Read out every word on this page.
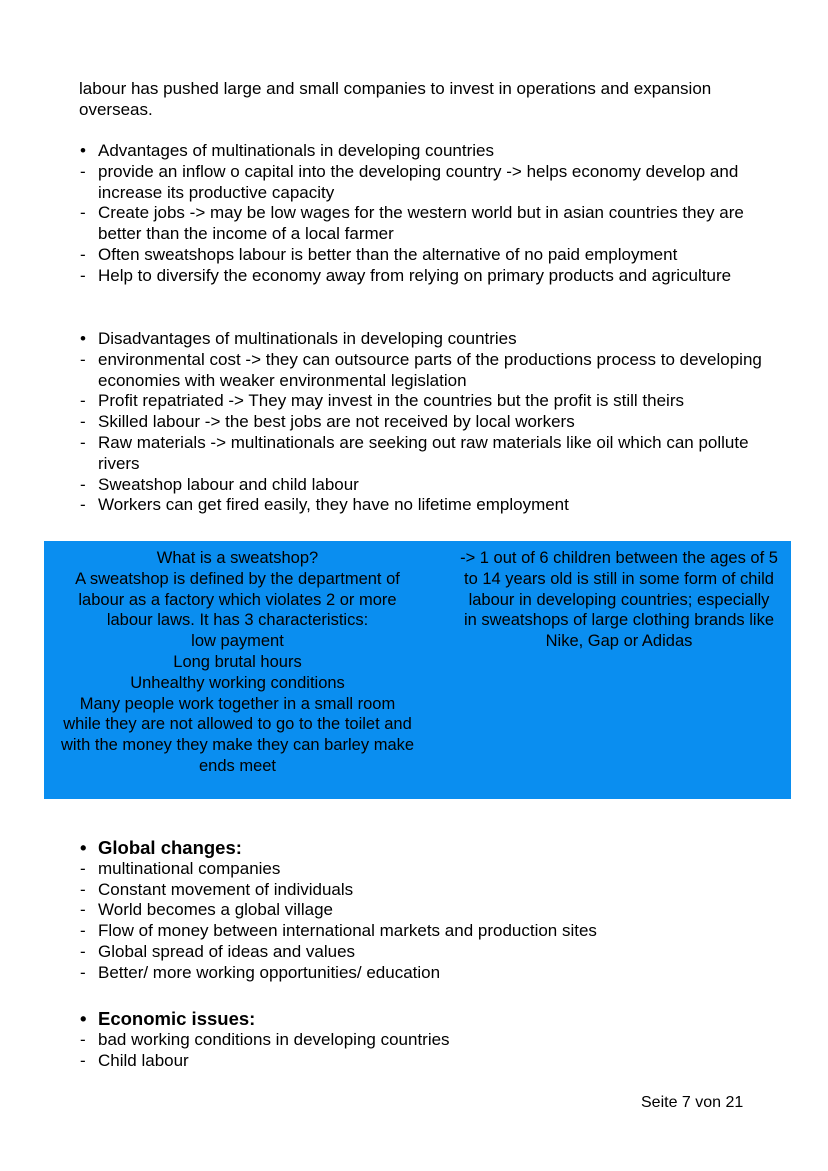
labour has pushed large and small companies to invest in operations and expansion overseas.
• Advantages of multinationals in developing countries
- provide an inflow o capital into the developing country -> helps economy develop and increase its productive capacity
- Create jobs -> may be low wages for the western world but in asian countries they are better than the income of a local farmer
- Often sweatshops labour is better than the alternative of no paid employment
- Help to diversify the economy away from relying on primary products and agriculture
• Disadvantages of multinationals in developing countries
- environmental cost -> they can outsource parts of the productions process to developing economies with weaker environmental legislation
- Profit repatriated -> They may invest in the countries but the profit is still theirs
- Skilled labour -> the best jobs are not received by local workers
- Raw materials -> multinationals are seeking out raw materials like oil which can pollute rivers
- Sweatshop labour and child labour
- Workers can get fired easily, they have no lifetime employment
What is a sweatshop?
A sweatshop is defined by the department of
labour as a factory which violates 2 or more
labour laws. It has 3 characteristics:
low payment
Long brutal hours
Unhealthy working conditions
Many people work together in a small room
while they are not allowed to go to the toilet and
with the money they make they can barley make
ends meet
-> 1 out of 6 children between the ages of 5
to 14 years old is still in some form of child
labour in developing countries; especially
in sweatshops of large clothing brands like
Nike, Gap or Adidas
• Global changes:
- multinational companies
- Constant movement of individuals
- World becomes a global village
- Flow of money between international markets and production sites
- Global spread of ideas and values
- Better/ more working opportunities/ education
• Economic issues:
- bad working conditions in developing countries
- Child labour
Seite 7 von 21
